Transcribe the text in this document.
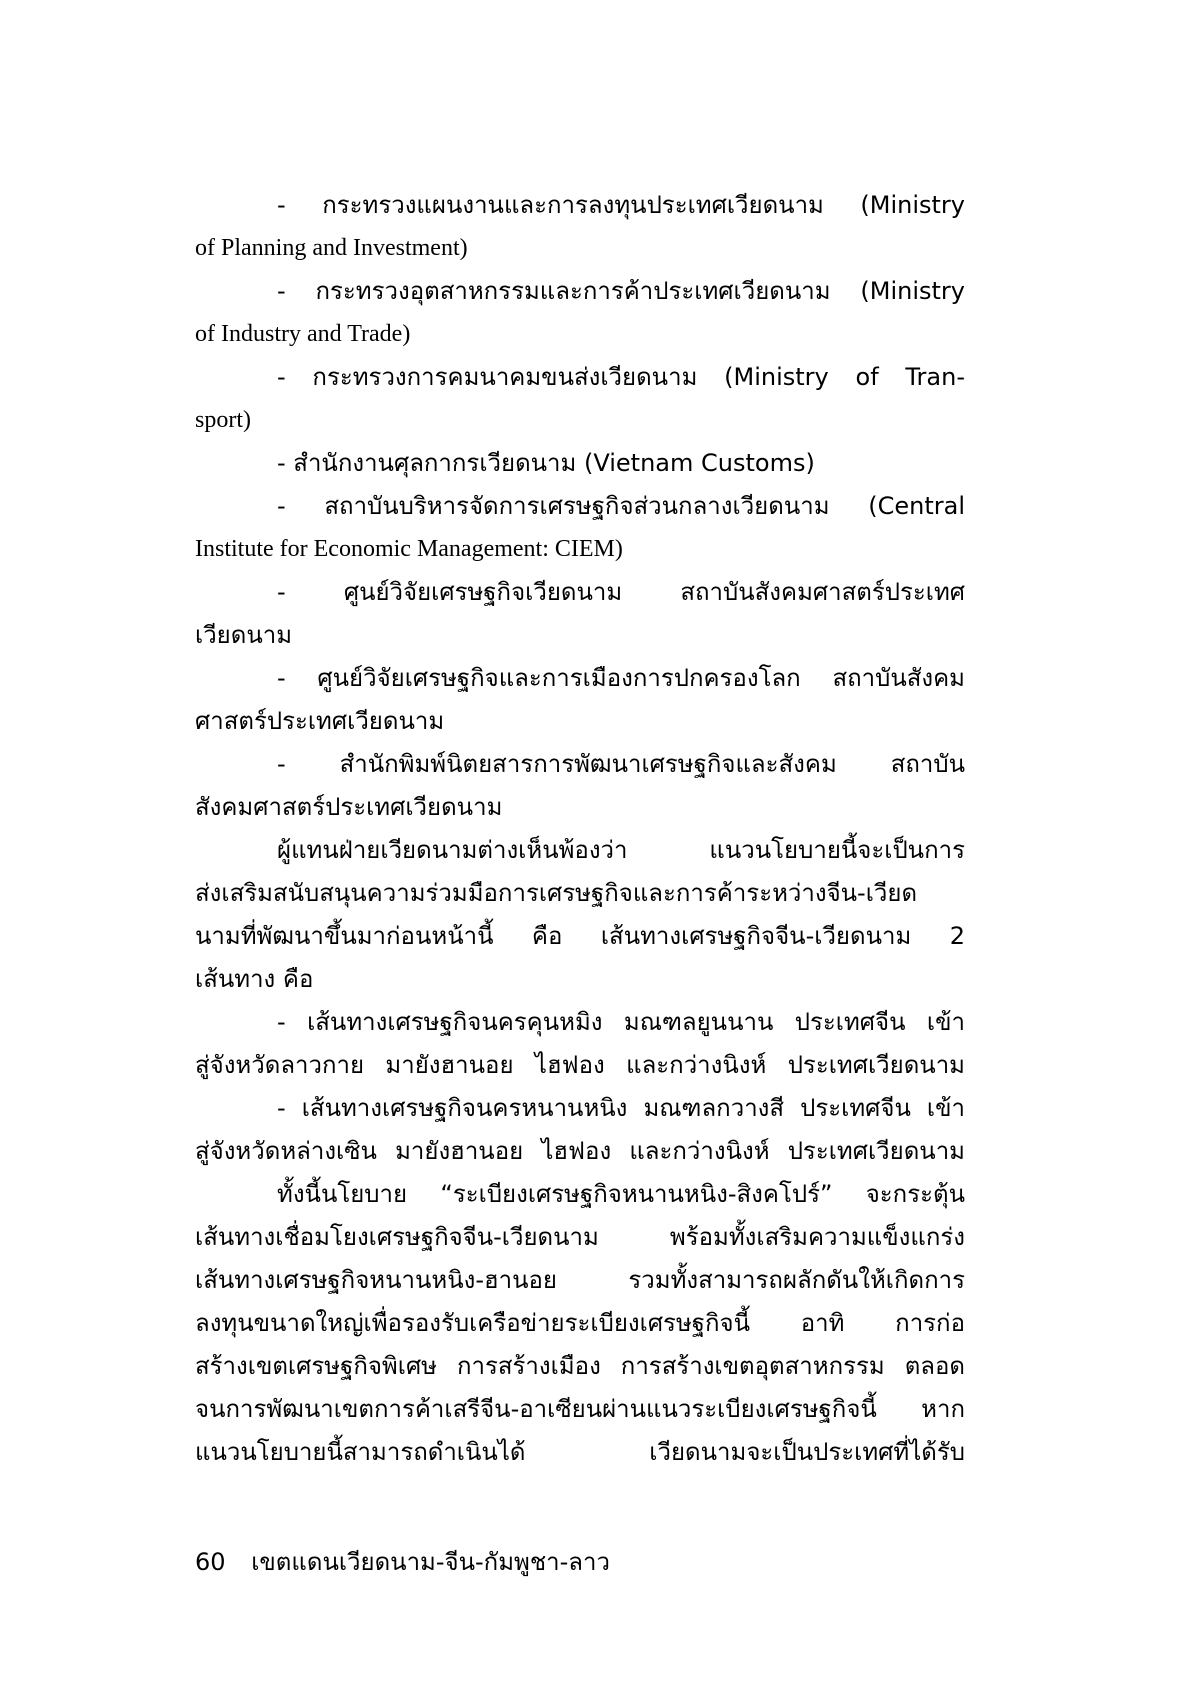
- กระทรวงแผนงานและการลงทุนประเทศเวียดนาม (Ministry
of Planning and Investment)
- กระทรวงอุตสาหกรรมและการค้าประเทศเวียดนาม (Ministry
of Industry and Trade)
- กระทรวงการคมนาคมขนส่งเวียดนาม (Ministry of Tran-
sport)
- สำนักงานศุลกากรเวียดนาม (Vietnam Customs)
- สถาบันบริหารจัดการเศรษฐกิจส่วนกลางเวียดนาม (Central
Institute for Economic Management: CIEM)
- ศูนย์วิจัยเศรษฐกิจเวียดนาม สถาบันสังคมศาสตร์ประเทศ
เวียดนาม
- ศูนย์วิจัยเศรษฐกิจและการเมืองการปกครองโลก สถาบันสังคม
ศาสตร์ประเทศเวียดนาม
- สำนักพิมพ์นิตยสารการพัฒนาเศรษฐกิจและสังคม สถาบัน
สังคมศาสตร์ประเทศเวียดนาม
ผู้แทนฝ่ายเวียดนามต่างเห็นพ้องว่า แนวนโยบายนี้จะเป็นการ
ส่งเสริมสนับสนุนความร่วมมือการเศรษฐกิจและการค้าระหว่างจีน-เวียด
นามที่พัฒนาขึ้นมาก่อนหน้านี้ คือ เส้นทางเศรษฐกิจจีน-เวียดนาม 2
เส้นทาง คือ
- เส้นทางเศรษฐกิจนครคุนหมิง มณฑลยูนนาน ประเทศจีน เข้า
สู่จังหวัดลาวกาย มายังฮานอย ไฮฟอง และกว่างนิงห์ ประเทศเวียดนาม
- เส้นทางเศรษฐกิจนครหนานหนิง มณฑลกวางสี ประเทศจีน เข้า
สู่จังหวัดหล่างเซิน มายังฮานอย ไฮฟอง และกว่างนิงห์ ประเทศเวียดนาม
ทั้งนี้นโยบาย “ระเบียงเศรษฐกิจหนานหนิง-สิงคโปร์” จะกระตุ้น
เส้นทางเชื่อมโยงเศรษฐกิจจีน-เวียดนาม พร้อมทั้งเสริมความแข็งแกร่ง
เส้นทางเศรษฐกิจหนานหนิง-ฮานอย รวมทั้งสามารถผลักดันให้เกิดการ
ลงทุนขนาดใหญ่เพื่อรองรับเครือข่ายระเบียงเศรษฐกิจนี้ อาทิ การก่อ
สร้างเขตเศรษฐกิจพิเศษ การสร้างเมือง การสร้างเขตอุตสาหกรรม ตลอด
จนการพัฒนาเขตการค้าเสรีจีน-อาเซียนผ่านแนวระเบียงเศรษฐกิจนี้ หาก
แนวนโยบายนี้สามารถดำเนินได้ เวียดนามจะเป็นประเทศที่ได้รับ
60 เขตแดนเวียดนาม-จีน-กัมพูชา-ลาว
